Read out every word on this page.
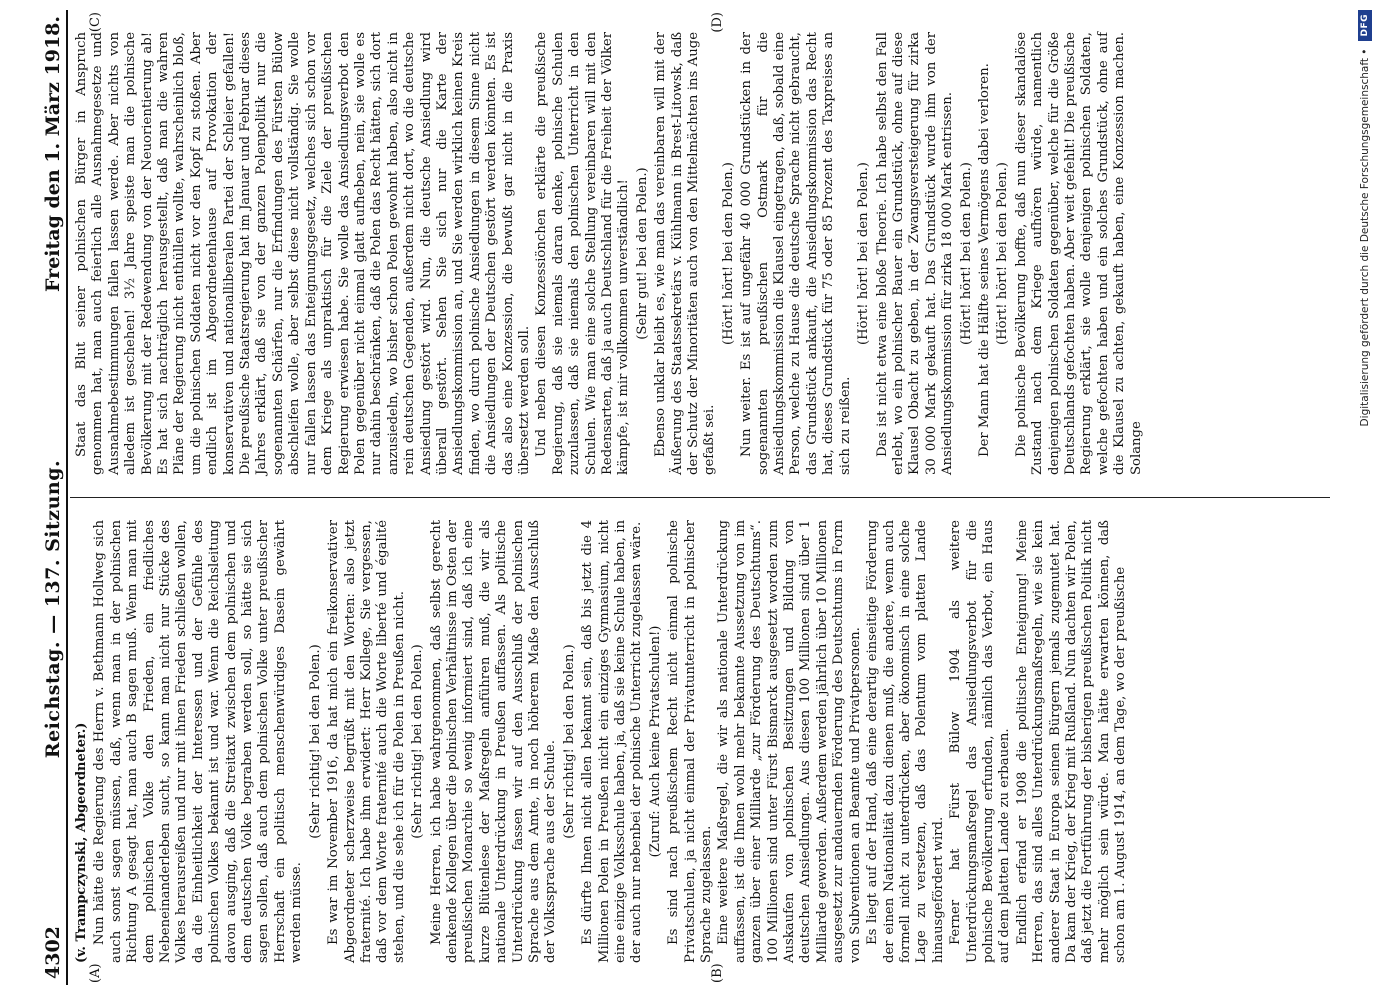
4302
Reichstag. — 137. Sitzung.
Freitag den 1. März 1918.
(A)	(B)
(v. Trampczynski, Abgeordneter.) Nun hätte die Regierung des Herrn v. Bethmann Hollweg sich auch sonst sagen müssen, daß, wenn man in der polnischen Richtung A gesagt hat, man auch B sagen muß. Wenn man mit dem polnischen Volke den Frieden, ein friedliches Nebeneinanderleben sucht, so kann man nicht nur Stücke des Volkes herausreißen und nur mit ihnen Frieden schließen wollen, da die Einheitlichkeit der Interessen und der Gefühle des polnischen Volkes bekannt ist und war. Wenn die Reichsleitung davon ausging, daß die Streitaxt zwischen dem polnischen und dem deutschen Volke begraben werden soll, so hätte sie sich sagen sollen, daß auch dem polnischen Volke unter preußischer Herrschaft ein politisch menschenwürdiges Dasein gewährt werden müsse.

(Sehr richtig! bei den Polen.) Es war im November 1916, da hat mich ein freikonservativer Abgeordneter scherzweise begrüßt mit den Worten: also jetzt fraternité. Ich habe ihm erwidert: Herr Kollege, Sie vergessen, daß vor dem Worte fraternité auch die Worte liberté und égalité stehen, und die sehe ich für die Polen in Preußen nicht. (Sehr richtig! bei den Polen.) Meine Herren, ich habe wahrgenommen, daß selbst gerecht denkende Kollegen über die polnischen Verhältnisse im Osten der preußischen Monarchie so wenig informiert sind, daß ich eine kurze Blütenlese der Maßregeln anführen muß, die wir als nationale Unterdrückung in Preußen auffassen. Als politische Unterdrückung fassen wir auf den Ausschluß der polnischen Sprache aus dem Amte, in noch höherem Maße den Ausschluß der Volkssprache aus der Schule. (Sehr richtig! bei den Polen.) Es dürfte Ihnen nicht allen bekannt sein, daß bis jetzt die 4 Millionen Polen in Preußen nicht ein einziges Gymnasium, nicht eine einzige Volksschule haben, ja, daß sie keine Schule haben, in der auch nur nebenbei der polnische Unterricht zugelassen wäre. (Zuruf: Auch keine Privatschulen!) Es sind nach preußischem Recht nicht einmal polnische Privatschulen, ja nicht einmal der Privatunterricht in polnischer Sprache zugelassen. Eine weitere Maßregel, die wir als nationale Unterdrückung auffassen, ist die Ihnen wohl mehr bekannte Aussetzung von im ganzen über einer Milliarde „zur Förderung des Deutschtums“. 100 Millionen sind unter Fürst Bismarck ausgesetzt worden zum Auskaufen von polnischen Besitzungen und Bildung von deutschen Ansiedlungen. Aus diesen 100 Millionen sind über 1 Milliarde geworden. Außerdem werden jährlich über 10 Millionen ausgesetzt zur andauernden Förderung des Deutschtums in Form von Subventionen an Beamte und Privatpersonen. Es liegt auf der Hand, daß eine derartig einseitige Förderung der einen Nationalität dazu dienen muß, die andere, wenn auch formell nicht zu unterdrücken, aber ökonomisch in eine solche Lage zu versetzen, daß das Polentum vom platten Lande hinausgefördert wird. Ferner hat Fürst Bülow 1904 als weitere Unterdrückungsmaßregel das Ansiedlungsverbot für die polnische Bevölkerung erfunden, nämlich das Verbot, ein Haus auf dem platten Lande zu erbauen. Endlich erfand er 1908 die politische Enteignung! Meine Herren, das sind alles Unterdrückungsmaßregeln, wie sie kein anderer Staat in Europa seinen Bürgern jemals zugemutet hat. Da kam der Krieg, der Krieg mit Rußland. Nun dachten wir Polen, daß jetzt die Fortführung der bisherigen preußischen Politik nicht mehr möglich sein würde. Man hätte erwarten können, daß schon am 1. August 1914, an dem Tage, wo der preußische

(C)	(D)

Staat das Blut seiner polnischen Bürger in Anspruch genommen hat, man auch feierlich alle Ausnahmegesetze und Ausnahmebestimmungen fallen lassen werde. Aber nichts von alledem ist geschehen! 3½ Jahre speiste man die polnische Bevölkerung mit der Redewendung von der Neuorientierung ab! Es hat sich nachträglich herausgestellt, daß man die wahren Pläne der Regierung nicht enthüllen wollte, wahrscheinlich bloß, um die polnischen Soldaten nicht vor den Kopf zu stoßen. Aber endlich ist im Abgeordnetenhause auf Provokation der konservativen und nationalliberalen Partei der Schleier gefallen! Die preußische Staatsregierung hat im Januar und Februar dieses Jahres erklärt, daß sie von der ganzen Polenpolitik nur die sogenannten Schärfen, nur die Erfindungen des Fürsten Bülow abschleifen wolle, aber selbst diese nicht vollständig. Sie wolle nur fallen lassen das Enteignungsgesetz, welches sich schon vor dem Kriege als unpraktisch für die Ziele der preußischen Regierung erwiesen habe. Sie wolle das Ansiedlungsverbot den Polen gegenüber nicht einmal glatt aufheben, nein, sie wolle es nur dahin beschränken, daß die Polen das Recht hätten, sich dort anzusiedeln, wo bisher schon Polen gewohnt haben, also nicht in rein deutschen Gegenden, außerdem nicht dort, wo die deutsche Ansiedlung gestört wird. Nun, die deutsche Ansiedlung wird überall gestört. Sehen Sie sich nur die Karte der Ansiedlungskommission an, und Sie werden wirklich keinen Kreis finden, wo durch polnische Ansiedlungen in diesem Sinne nicht die Ansiedlungen der Deutschen gestört werden könnten. Es ist das also eine Konzession, die bewußt gar nicht in die Praxis übersetzt werden soll. Und neben diesen Konzessiönchen erklärte die preußische Regierung, daß sie niemals daran denke, polnische Schulen zuzulassen, daß sie niemals den polnischen Unterricht in den Schulen. Wie man eine solche Stellung vereinbaren will mit den Redensarten, daß ja auch Deutschland für die Freiheit der Völker kämpfe, ist mir vollkommen unverständlich! (Sehr gut! bei den Polen.) Ebenso unklar bleibt es, wie man das vereinbaren will mit der Äußerung des Staatssekretärs v. Kühlmann in Brest-Litowsk, daß der Schutz der Minoritäten auch von den Mittelmächten ins Auge gefaßt sei.

(Hört! hört! bei den Polen.) Nun weiter. Es ist auf ungefähr 40 000 Grundstücken in der sogenannten preußischen Ostmark für die Ansiedlungskommission die Klausel eingetragen, daß, sobald eine Person, welche zu Hause die deutsche Sprache nicht gebraucht, das Grundstück ankauft, die Ansiedlungskommission das Recht hat, dieses Grundstück für 75 oder 85 Prozent des Taxpreises an sich zu reißen.

(Hört! hört! bei den Polen.) Das ist nicht etwa eine bloße Theorie. Ich habe selbst den Fall erlebt, wo ein polnischer Bauer ein Grundstück, ohne auf diese Klausel Obacht zu geben, in der Zwangsversteigerung für zirka 30 000 Mark gekauft hat. Das Grundstück wurde ihm von der Ansiedlungskommission für zirka 18 000 Mark entrissen. (Hört! hört! bei den Polen.) Der Mann hat die Hälfte seines Vermögens dabei verloren. (Hört! hört! bei den Polen.) Die polnische Bevölkerung hoffte, daß nun dieser skandalöse Zustand nach dem Kriege aufhören würde, namentlich denjenigen polnischen Soldaten gegenüber, welche für die Größe Deutschlands gefochten haben. Aber weit gefehlt! Die preußische Regierung erklärt, sie wolle denjenigen polnischen Soldaten, welche gefochten haben und ein solches Grundstück, ohne auf die Klausel zu achten, gekauft haben, eine Konzession machen. Solange

Digitalisierung gefördert durch die Deutsche Forschungsgemeinschaft •
DFG
